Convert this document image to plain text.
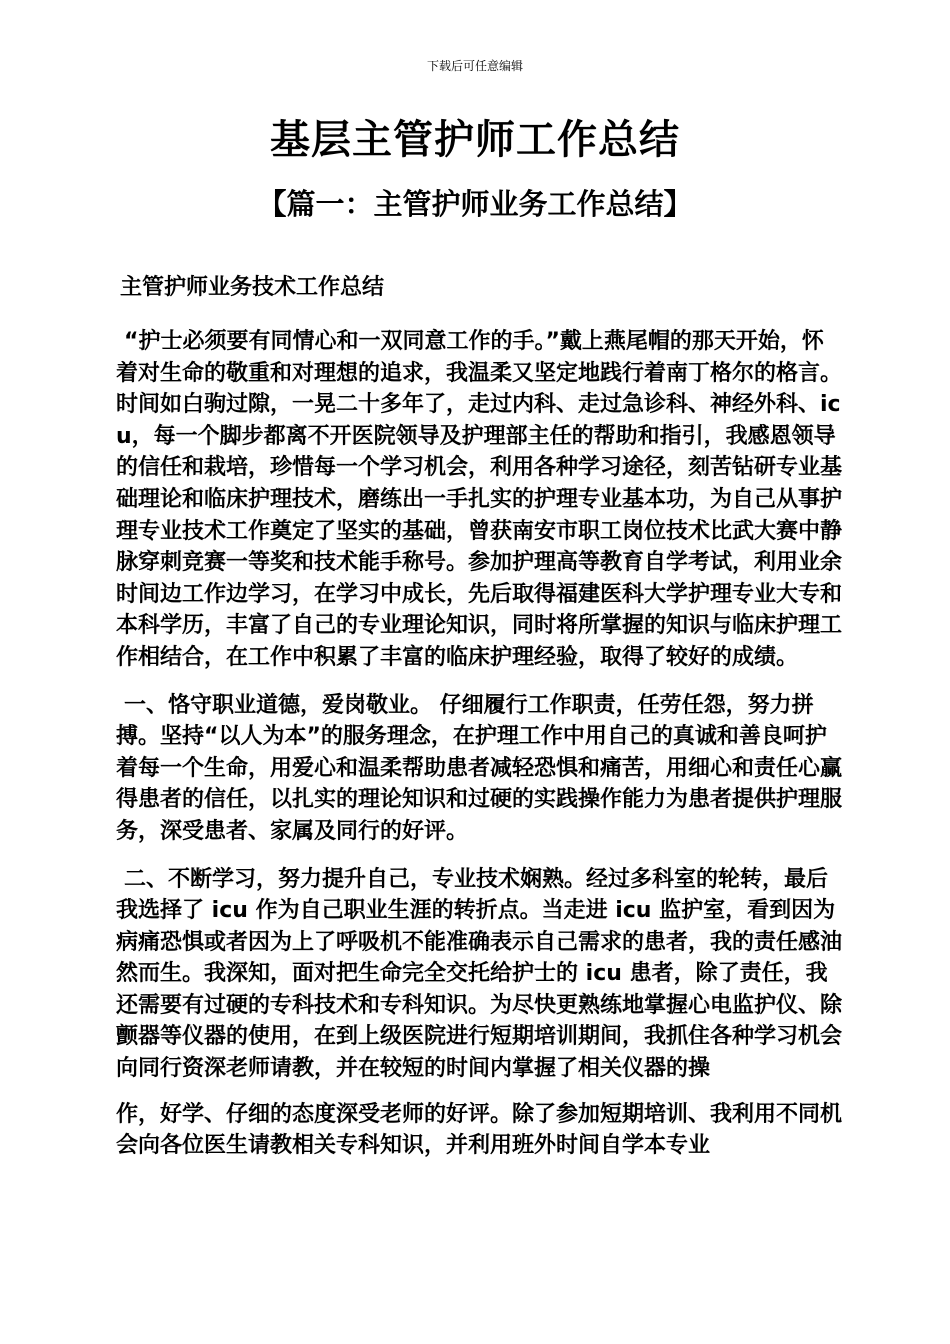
下载后可任意编辑
基层主管护师工作总结
【篇一：主管护师业务工作总结】
主管护师业务技术工作总结

“护士必须要有同情心和一双同意工作的手。”戴上燕尾帽的那天开始，怀着对生命的敬重和对理想的追求，我温柔又坚定地践行着南丁格尔的格言。时间如白驹过隙，一晃二十多年了，走过内科、走过急诊科、神经外科、icu，每一个脚步都离不开医院领导及护理部主任的帮助和指引，我感恩领导的信任和栽培，珍惜每一个学习机会，利用各种学习途径，刻苦钻研专业基础理论和临床护理技术，磨练出一手扎实的护理专业基本功，为自己从事护理专业技术工作奠定了坚实的基础，曾获南安市职工岗位技术比武大赛中静脉穿刺竞赛一等奖和技术能手称号。参加护理高等教育自学考试，利用业余时间边工作边学习，在学习中成长，先后取得福建医科大学护理专业大专和本科学历，丰富了自己的专业理论知识，同时将所掌握的知识与临床护理工作相结合，在工作中积累了丰富的临床护理经验，取得了较好的成绩。

一、恪守职业道德，爱岗敬业。 仔细履行工作职责，任劳任怨，努力拼搏。坚持“以人为本”的服务理念，在护理工作中用自己的真诚和善良呵护着每一个生命，用爱心和温柔帮助患者减轻恐惧和痛苦，用细心和责任心赢得患者的信任，以扎实的理论知识和过硬的实践操作能力为患者提供护理服务，深受患者、家属及同行的好评。

二、不断学习，努力提升自己，专业技术娴熟。经过多科室的轮转，最后我选择了 icu 作为自己职业生涯的转折点。当走进 icu 监护室，看到因为病痛恐惧或者因为上了呼吸机不能准确表示自己需求的患者，我的责任感油然而生。我深知，面对把生命完全交托给护士的 icu 患者，除了责任，我还需要有过硬的专科技术和专科知识。为尽快更熟练地掌握心电监护仪、除颤器等仪器的使用，在到上级医院进行短期培训期间，我抓住各种学习机会向同行资深老师请教，并在较短的时间内掌握了相关仪器的操

作，好学、仔细的态度深受老师的好评。除了参加短期培训、我利用不同机会向各位医生请教相关专科知识，并利用班外时间自学本专业
